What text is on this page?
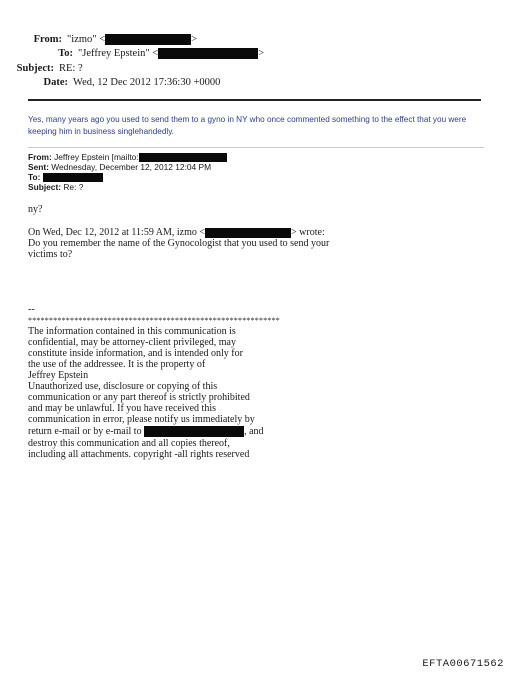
From: "izmo" <	>
To: "Jeffrey Epstein" <	>
Subject: RE: ?
Date: Wed, 12 Dec 2012 17:36:30 +0000
Yes, many years ago you used to send them to a gyno in NY who once commented something to the effect that you were keeping him in business singlehandedly.
From: Jeffrey Epstein [mailto:
Sent: Wednesday, December 12, 2012 12:04 PM
To:
Subject: Re: ?
ny?
On Wed, Dec 12, 2012 at 11:59 AM, izmo <	> wrote:
Do you remember the name of the Gynocologist that you used to send your
victims to?
--
************************************************************
The information contained in this communication is
confidential, may be attorney-client privileged, may
constitute inside information, and is intended only for
the use of the addressee. It is the property of
Jeffrey Epstein
Unauthorized use, disclosure or copying of this
communication or any part thereof is strictly prohibited
and may be unlawful. If you have received this
communication in error, please notify us immediately by
return e-mail or by e-mail to	, and
destroy this communication and all copies thereof,
including all attachments. copyright -all rights reserved
EFTA00671562
